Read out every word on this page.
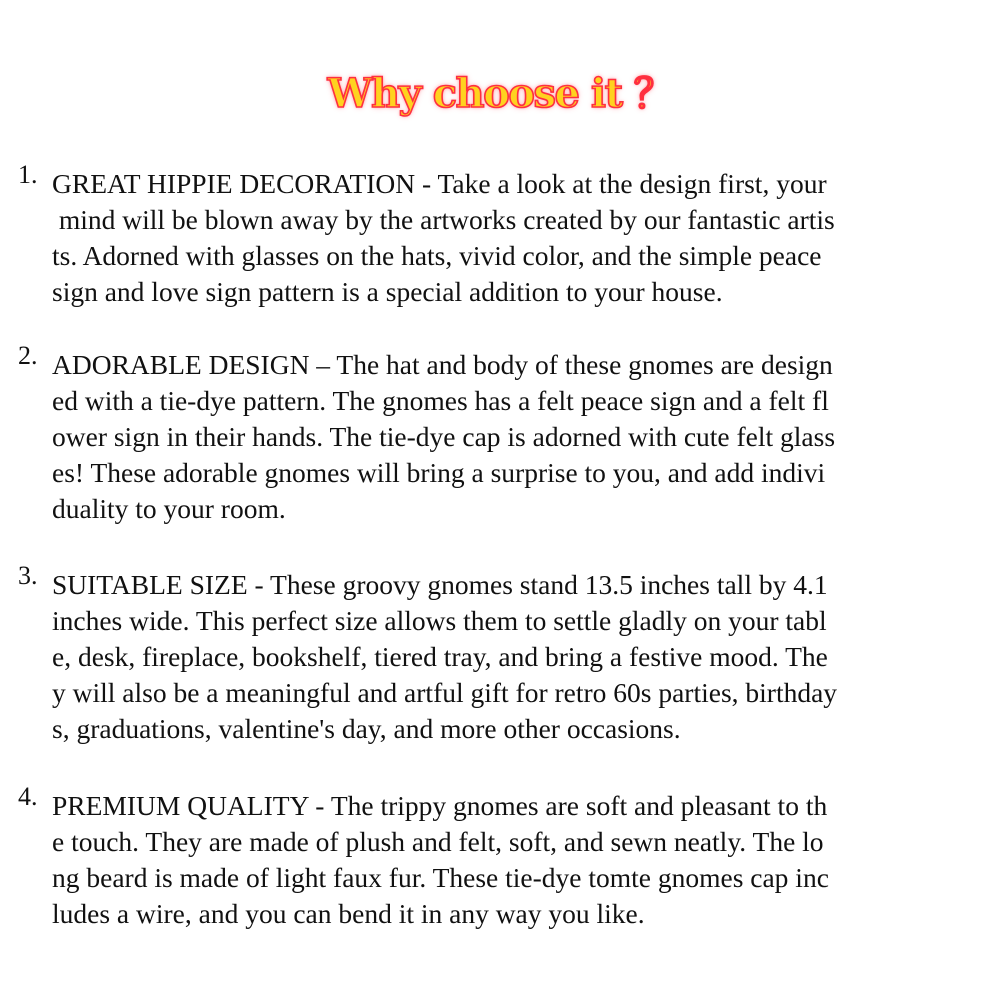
Why choose it ？
1. GREAT HIPPIE DECORATION - Take a look at the design first, your
mind will be blown away by the artworks created by our fantastic artis
ts. Adorned with glasses on the hats, vivid color, and the simple peace
sign and love sign pattern is a special addition to your house.
2. ADORABLE DESIGN – The hat and body of these gnomes are design
ed with a tie-dye pattern. The gnomes has a felt peace sign and a felt fl
ower sign in their hands. The tie-dye cap is adorned with cute felt glass
es! These adorable gnomes will bring a surprise to you, and add indivi
duality to your room.
3. SUITABLE SIZE - These groovy gnomes stand 13.5 inches tall by 4.1
inches wide. This perfect size allows them to settle gladly on your tabl
e, desk, fireplace, bookshelf, tiered tray, and bring a festive mood. The
y will also be a meaningful and artful gift for retro 60s parties, birthday
s, graduations, valentine's day, and more other occasions.
4. PREMIUM QUALITY - The trippy gnomes are soft and pleasant to th
e touch. They are made of plush and felt, soft, and sewn neatly. The lo
ng beard is made of light faux fur. These tie-dye tomte gnomes cap inc
ludes a wire, and you can bend it in any way you like.
